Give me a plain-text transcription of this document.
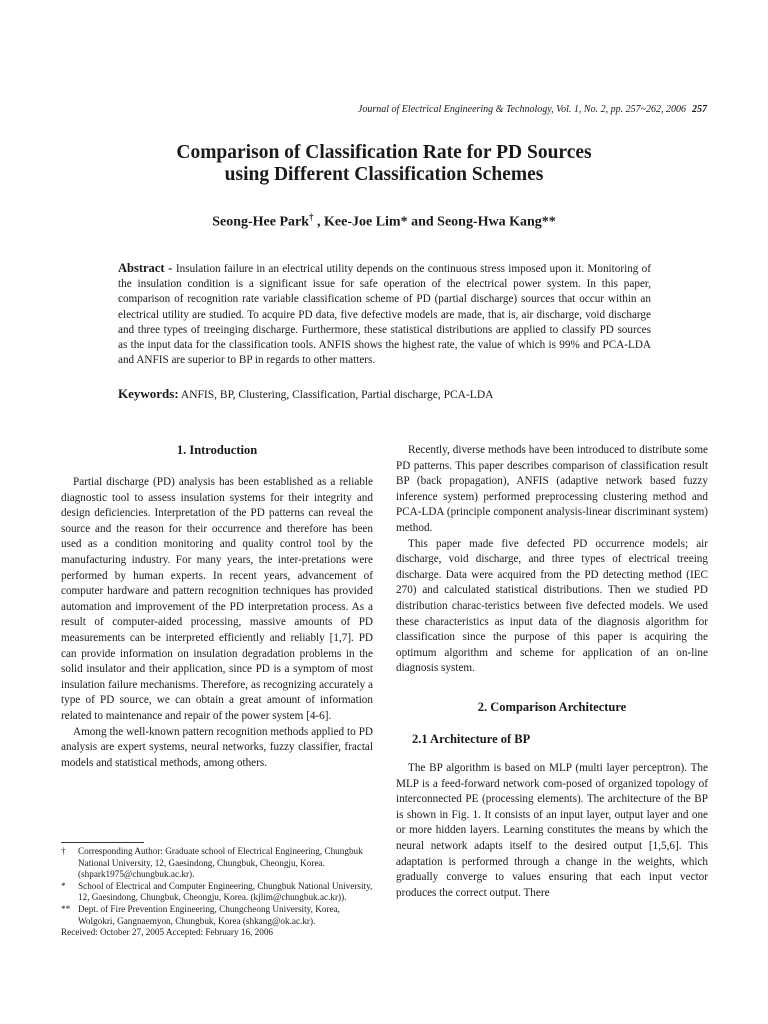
Journal of Electrical Engineering & Technology, Vol. 1, No. 2, pp. 257~262, 2006 257
Comparison of Classification Rate for PD Sources
using Different Classification Schemes
Seong-Hee Park† , Kee-Joe Lim* and Seong-Hwa Kang**
Abstract - Insulation failure in an electrical utility depends on the continuous stress imposed upon it. Monitoring of the insulation condition is a significant issue for safe operation of the electrical power system. In this paper, comparison of recognition rate variable classification scheme of PD (partial discharge) sources that occur within an electrical utility are studied. To acquire PD data, five defective models are made, that is, air discharge, void discharge and three types of treeinging discharge. Furthermore, these statistical distributions are applied to classify PD sources as the input data for the classification tools. ANFIS shows the highest rate, the value of which is 99% and PCA-LDA and ANFIS are superior to BP in regards to other matters.
Keywords: ANFIS, BP, Clustering, Classification, Partial discharge, PCA-LDA
1. Introduction

Partial discharge (PD) analysis has been established as a reliable diagnostic tool to assess insulation systems for their integrity and design deficiencies. Interpretation of the PD patterns can reveal the source and the reason for their occurrence and therefore has been used as a condition monitoring and quality control tool by the manufacturing industry. For many years, the inter-pretations were performed by human experts. In recent years, advancement of computer hardware and pattern recognition techniques has provided automation and improvement of the PD interpretation process. As a result of computer-aided processing, massive amounts of PD measurements can be interpreted efficiently and reliably [1,7]. PD can provide information on insulation degradation problems in the solid insulator and their application, since PD is a symptom of most insulation failure mechanisms. Therefore, as recognizing accurately a type of PD source, we can obtain a great amount of information related to maintenance and repair of the power system [4-6].

Among the well-known pattern recognition methods applied to PD analysis are expert systems, neural networks, fuzzy classifier, fractal models and statistical methods, among others.

Recently, diverse methods have been introduced to distribute some PD patterns. This paper describes comparison of classification result BP (back propagation), ANFIS (adaptive network based fuzzy inference system) performed preprocessing clustering method and PCA-LDA (principle component analysis-linear discriminant system) method.

This paper made five defected PD occurrence models; air discharge, void discharge, and three types of electrical treeing discharge. Data were acquired from the PD detecting method (IEC 270) and calculated statistical distributions. Then we studied PD distribution charac-teristics between five defected models. We used these characteristics as input data of the diagnosis algorithm for classification since the purpose of this paper is acquiring the optimum algorithm and scheme for application of an on-line diagnosis system.

2. Comparison Architecture
2.1 Architecture of BP

The BP algorithm is based on MLP (multi layer perceptron). The MLP is a feed-forward network com-posed of organized topology of interconnected PE (processing elements). The architecture of the BP is shown in Fig. 1. It consists of an input layer, output layer and one or more hidden layers. Learning constitutes the means by which the neural network adapts itself to the desired output [1,5,6]. This adaptation is performed through a change in the weights, which gradually converge to values ensuring that each input vector produces the correct output. There

†	Corresponding Author: Graduate school of Electrical Engineering, Chungbuk National University, 12, Gaesindong, Chungbuk, Cheongju, Korea. (shpark1975@chungbuk.ac.kr).
*	School of Electrical and Computer Engineering, Chungbuk National University, 12, Gaesindong, Chungbuk, Cheongju, Korea. (kjlim@chungbuk.ac.kr)).
** Dept. of Fire Prevention Engineering, Chungcheong University, Korea, Wolgokri, Gangnaemyon, Chungbuk, Korea (shkang@ok.ac.kr).
Received: October 27, 2005 Accepted: February 16, 2006
